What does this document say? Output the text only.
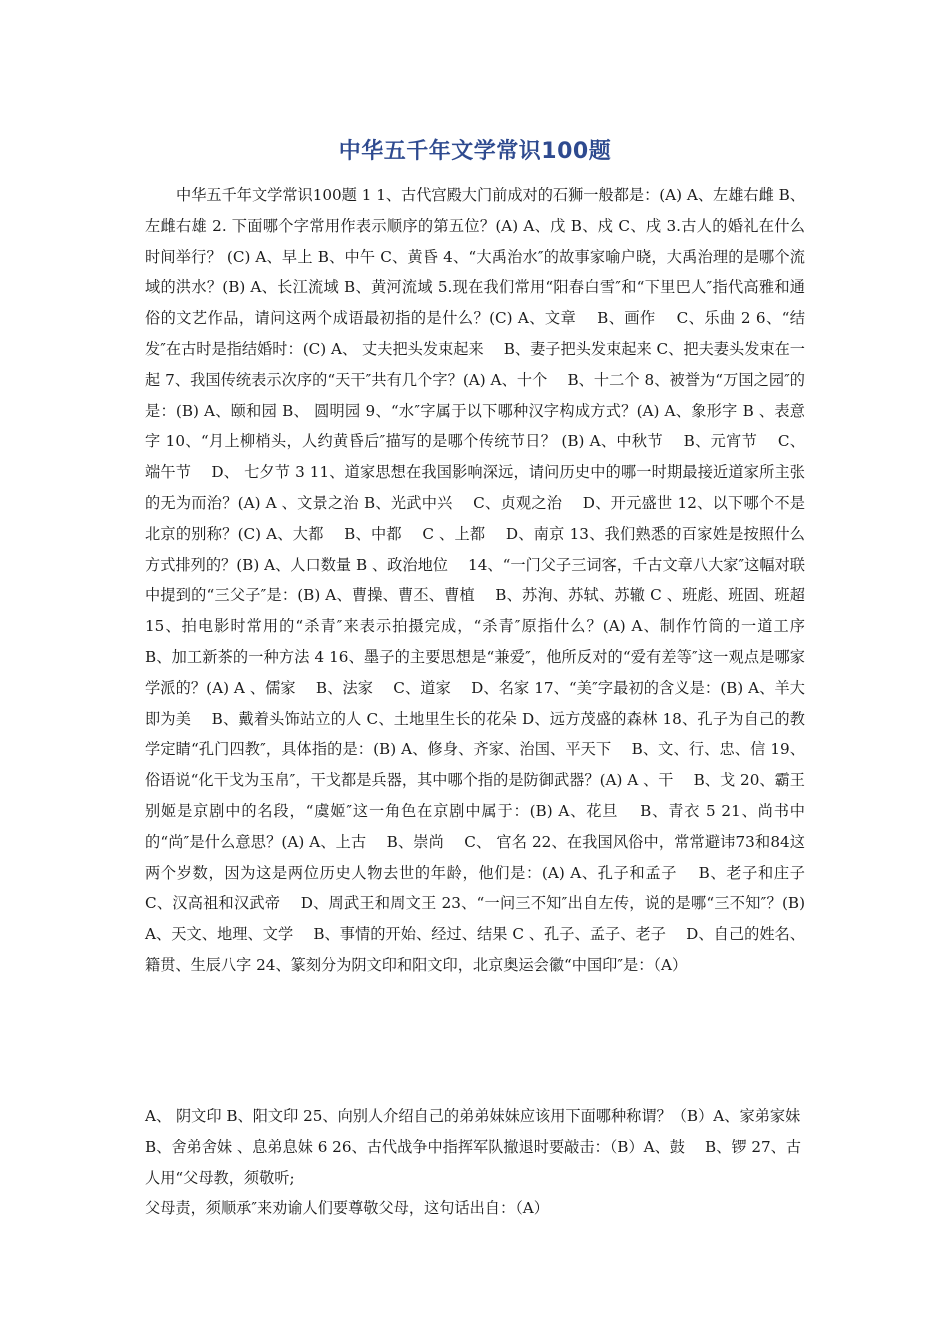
中华五千年文学常识100题

中华五千年文学常识100题 1 1、古代宫殿大门前成对的石狮一般都是：(A) A、左雄右雌 B、左雌右雄 2. 下面哪个字常用作表示顺序的第五位？(A) A、戊 B、戍 C、戌 3.古人的婚礼在什么时间举行？ (C) A、早上 B、中午 C、黄昏 4、“大禹治水″的故事家喻户晓，大禹治理的是哪个流域的洪水？(B) A、长江流域 B、黄河流域 5.现在我们常用“阳春白雪″和“下里巴人″指代高雅和通俗的文艺作品，请问这两个成语最初指的是什么？(C) A、文章　 B、画作　 C、乐曲 2 6、“结发″在古时是指结婚时：(C) A、 丈夫把头发束起来　 B、妻子把头发束起来 C、把夫妻头发束在一起 7、我国传统表示次序的“天干″共有几个字？(A) A、十个　 B、十二个 8、被誉为“万国之园″的是：(B) A、颐和园 B、 圆明园 9、“水″字属于以下哪种汉字构成方式？(A) A、象形字 B 、表意字 10、“月上柳梢头，人约黄昏后″描写的是哪个传统节日？ (B) A、中秋节　 B、元宵节　 C、端午节　 D、 七夕节 3 11、道家思想在我国影响深远，请问历史中的哪一时期最接近道家所主张的无为而治？(A) A 、文景之治 B、光武中兴　 C、贞观之治　 D、开元盛世 12、以下哪个不是北京的别称？(C) A、大都　 B、中都　 C 、上都　 D、南京 13、我们熟悉的百家姓是按照什么方式排列的？(B) A、人口数量 B 、政治地位　 14、“一门父子三词客，千古文章八大家″这幅对联中提到的“三父子″是：(B) A、曹操、曹丕、曹植　 B、苏洵、苏轼、苏辙 C 、班彪、班固、班超 15、拍电影时常用的“杀青″来表示拍摄完成，“杀青″原指什么？(A) A、制作竹筒的一道工序　 B、加工新茶的一种方法 4 16、墨子的主要思想是“兼爱″，他所反对的“爱有差等″这一观点是哪家学派的？(A) A 、儒家　 B、法家　 C、道家　 D、名家 17、“美″字最初的含义是：(B) A、羊大即为美　 B、戴着头饰站立的人 C、土地里生长的花朵 D、远方茂盛的森林 18、孔子为自己的教学定睛“孔门四教″，具体指的是：(B) A、修身、齐家、治国、平天下　 B、文、行、忠、信 19、俗语说“化干戈为玉帛″，干戈都是兵器，其中哪个指的是防御武器？(A) A 、干　 B、戈 20、霸王别姬是京剧中的名段，“虞姬″这一角色在京剧中属于：(B) A、花旦　 B、青衣 5 21、尚书中的“尚″是什么意思？(A) A、上古　 B、崇尚　 C、 官名 22、在我国风俗中，常常避讳73和84这两个岁数，因为这是两位历史人物去世的年龄，他们是：(A) A、孔子和孟子　 B、老子和庄子 C、汉高祖和汉武帝　 D、周武王和周文王 23、“一问三不知″出自左传，说的是哪“三不知″？(B) A、天文、地理、文学　 B、事情的开始、经过、结果 C 、孔子、孟子、老子　 D、自己的姓名、籍贯、生辰八字 24、篆刻分为阴文印和阳文印，北京奥运会徽“中国印″是：（A）

A、 阴文印 B、阳文印 25、向别人介绍自己的弟弟妹妹应该用下面哪种称谓？（B）A、家弟家妹 B、舍弟舍妹 、息弟息妹 6 26、古代战争中指挥军队撤退时要敲击：（B）A、鼓　 B、锣 27、古人用“父母教，须敬听;
父母责，须顺承″来劝谕人们要尊敬父母，这句话出自：（A）
